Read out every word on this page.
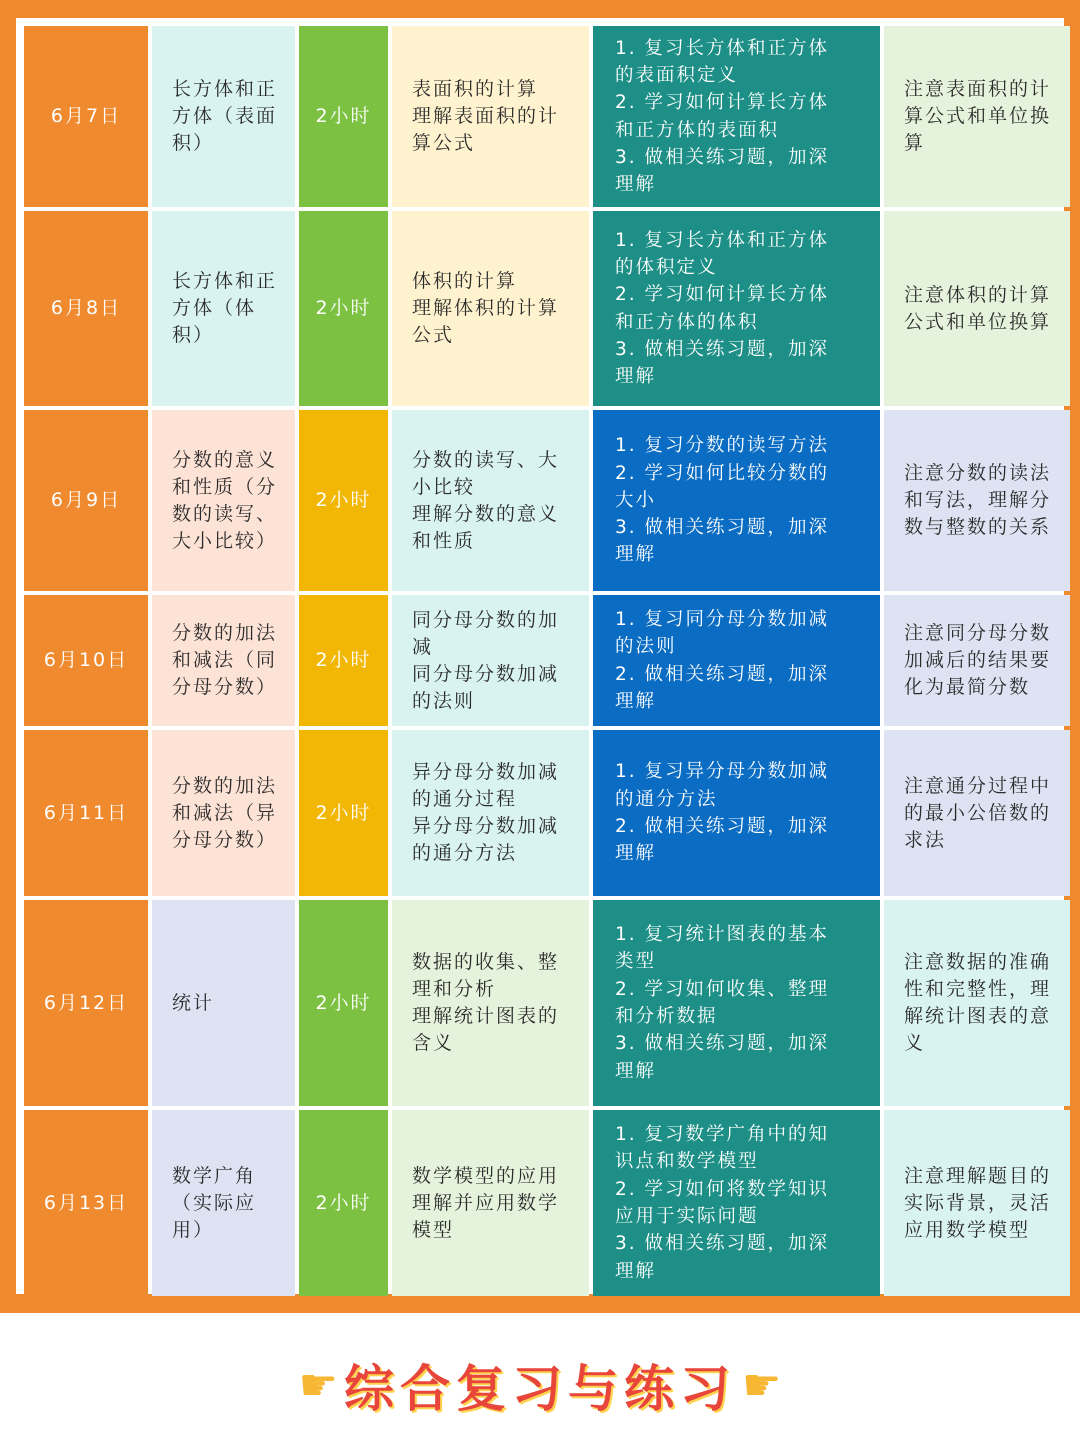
6月7日
长方体和正
方体（表面
积）
2小时
表面积的计算
理解表面积的计
算公式
1. 复习长方体和正方体
的表面积定义
2. 学习如何计算长方体
和正方体的表面积
3. 做相关练习题，加深
理解
注意表面积的计
算公式和单位换
算
6月8日
长方体和正
方体（体
积）
2小时
体积的计算
理解体积的计算
公式
1. 复习长方体和正方体
的体积定义
2. 学习如何计算长方体
和正方体的体积
3. 做相关练习题，加深
理解
注意体积的计算
公式和单位换算
6月9日
分数的意义
和性质（分
数的读写、
大小比较）
2小时
分数的读写、大
小比较
理解分数的意义
和性质
1. 复习分数的读写方法
2. 学习如何比较分数的
大小
3. 做相关练习题，加深
理解
注意分数的读法
和写法，理解分
数与整数的关系
6月10日
分数的加法
和减法（同
分母分数）
2小时
同分母分数的加
减
同分母分数加减
的法则
1. 复习同分母分数加减
的法则
2. 做相关练习题，加深
理解
注意同分母分数
加减后的结果要
化为最简分数
6月11日
分数的加法
和减法（异
分母分数）
2小时
异分母分数加减
的通分过程
异分母分数加减
的通分方法
1. 复习异分母分数加减
的通分方法
2. 做相关练习题，加深
理解
注意通分过程中
的最小公倍数的
求法
6月12日	统计	2小时
数据的收集、整
理和分析
理解统计图表的
含义
1. 复习统计图表的基本
类型
2. 学习如何收集、整理
和分析数据
3. 做相关练习题，加深
理解
注意数据的准确
性和完整性，理
解统计图表的意
义
6月13日
数学广角
（实际应
用）
2小时
数学模型的应用
理解并应用数学
模型
1. 复习数学广角中的知
识点和数学模型
2. 学习如何将数学知识
应用于实际问题
3. 做相关练习题，加深
理解
注意理解题目的
实际背景，灵活
应用数学模型
☛ 综合复习与练习 ☛
